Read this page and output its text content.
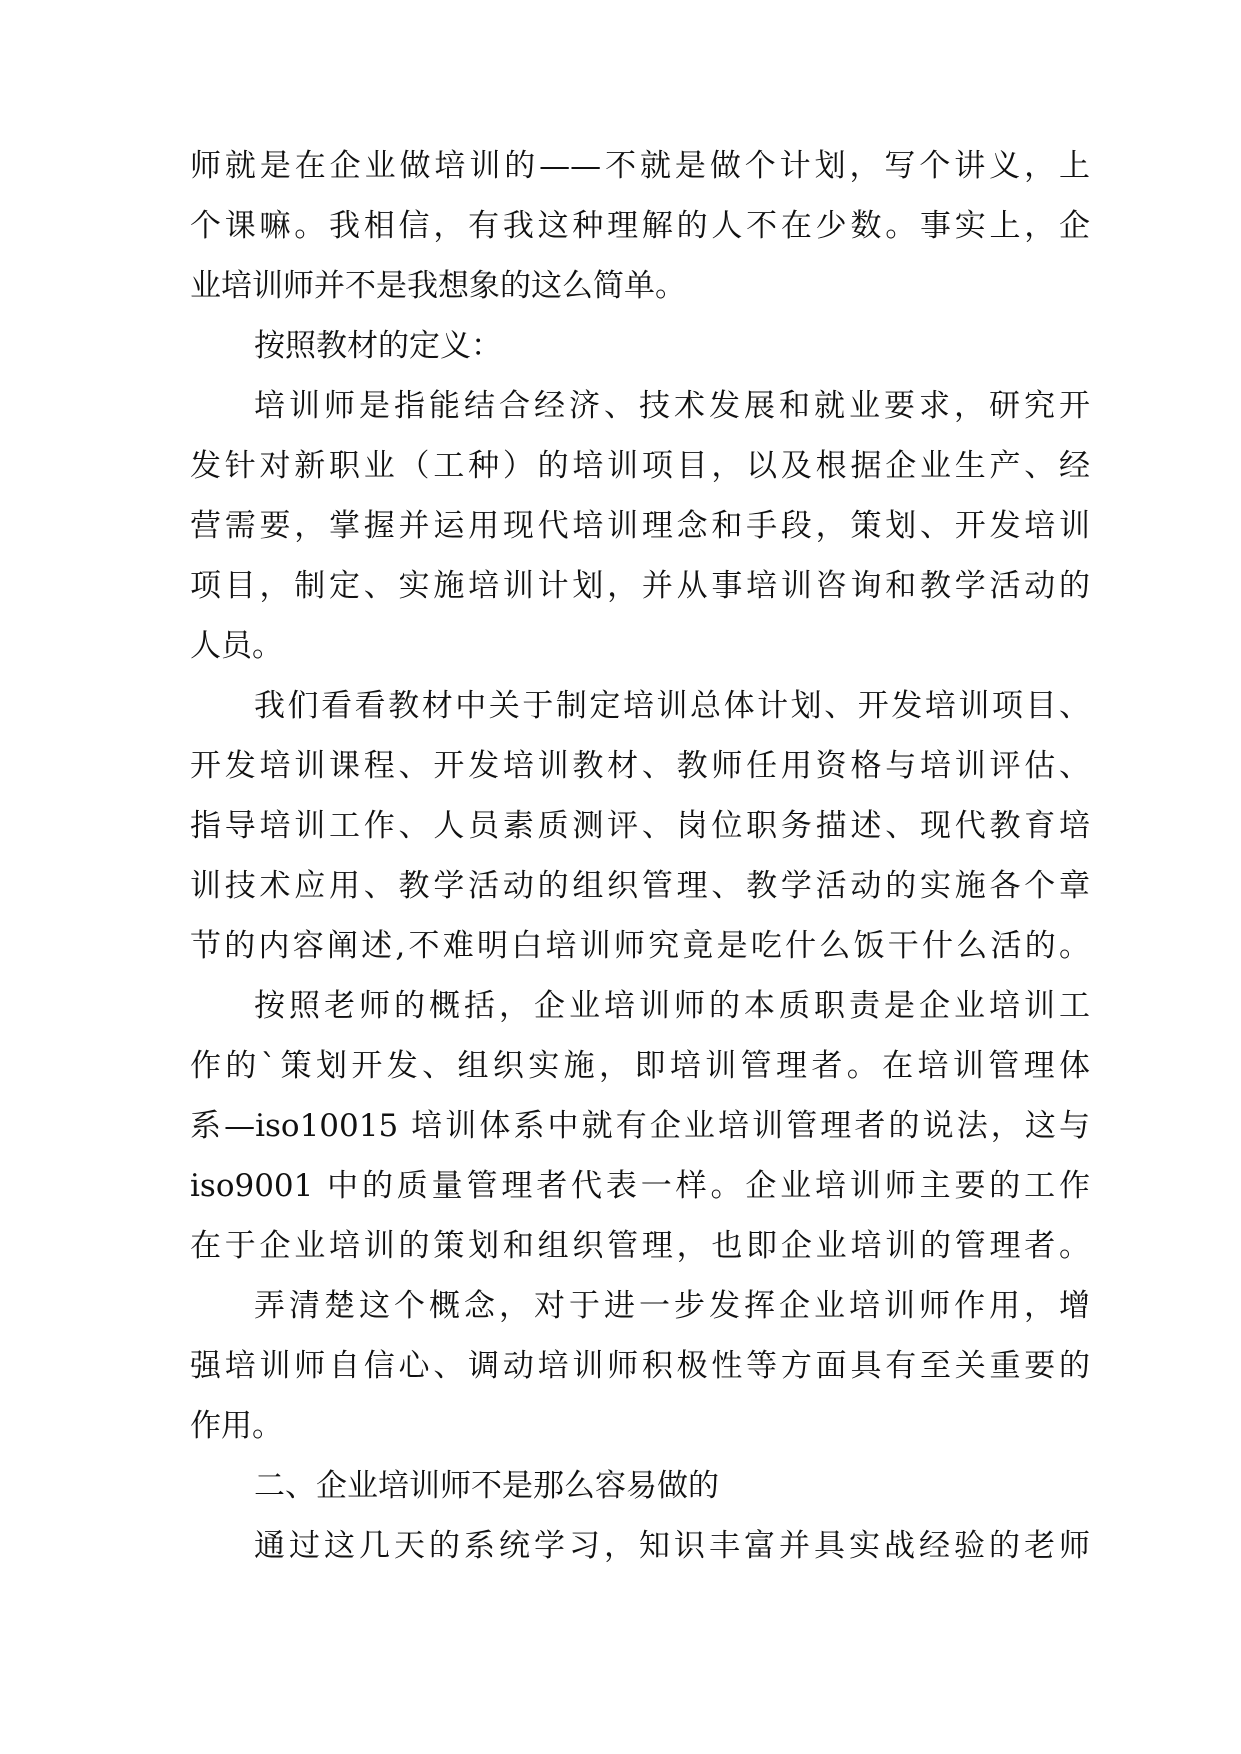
师就是在企业做培训的——不就是做个计划，写个讲义，上
个课嘛。我相信，有我这种理解的人不在少数。事实上，企
业培训师并不是我想象的这么简单。
按照教材的定义：
培训师是指能结合经济、技术发展和就业要求，研究开
发针对新职业（工种）的培训项目，以及根据企业生产、经
营需要，掌握并运用现代培训理念和手段，策划、开发培训
项目，制定、实施培训计划，并从事培训咨询和教学活动的
人员。
我们看看教材中关于制定培训总体计划、开发培训项目、
开发培训课程、开发培训教材、教师任用资格与培训评估、
指导培训工作、人员素质测评、岗位职务描述、现代教育培
训技术应用、教学活动的组织管理、教学活动的实施各个章
节的内容阐述,不难明白培训师究竟是吃什么饭干什么活的。
按照老师的概括，企业培训师的本质职责是企业培训工
作的`策划开发、组织实施，即培训管理者。在培训管理体
系—iso10015 培训体系中就有企业培训管理者的说法，这与
iso9001 中的质量管理者代表一样。企业培训师主要的工作
在于企业培训的策划和组织管理，也即企业培训的管理者。
弄清楚这个概念，对于进一步发挥企业培训师作用，增
强培训师自信心、调动培训师积极性等方面具有至关重要的
作用。
二、企业培训师不是那么容易做的
通过这几天的系统学习，知识丰富并具实战经验的老师
